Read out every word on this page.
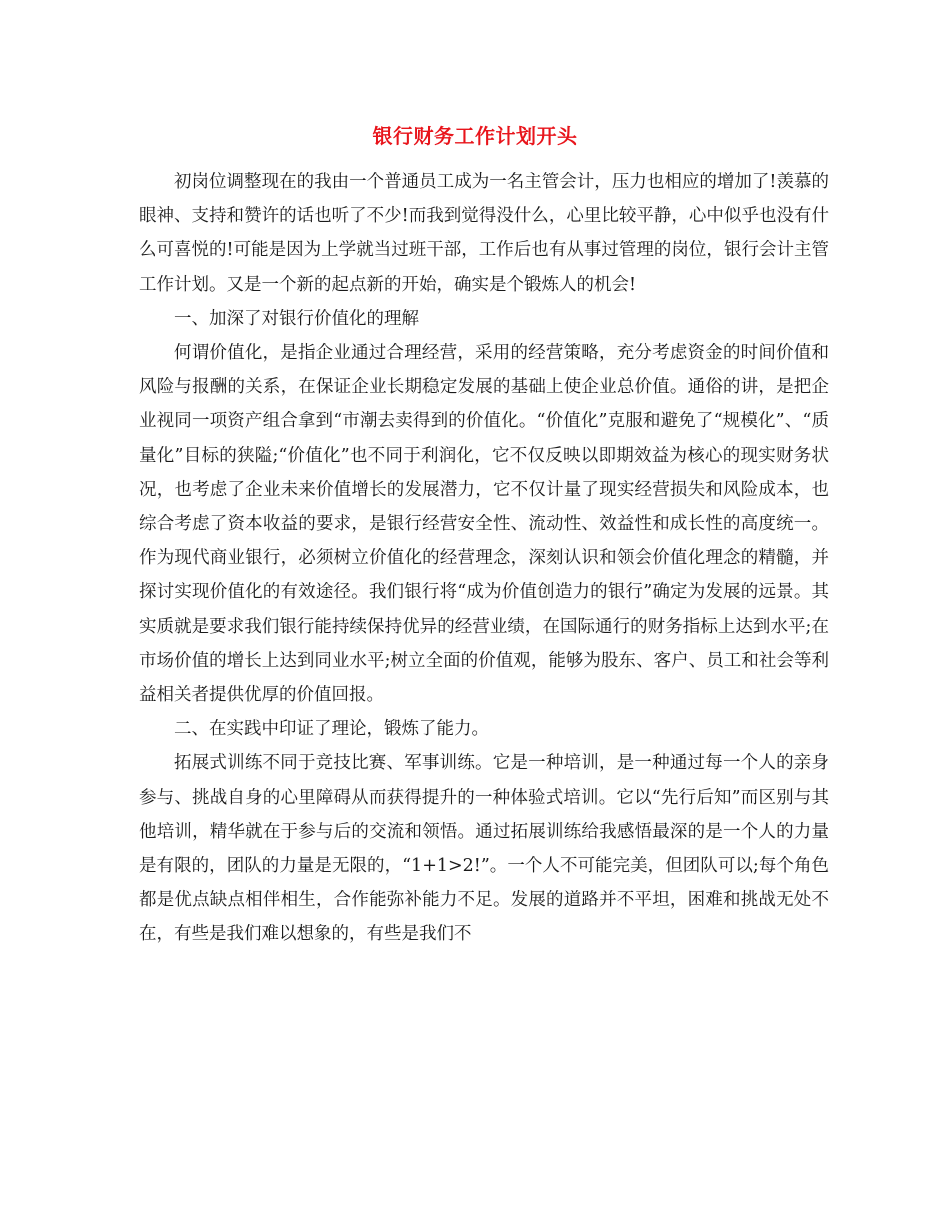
银行财务工作计划开头

初岗位调整现在的我由一个普通员工成为一名主管会计，压力也相应的增加了!羡慕的眼神、支持和赞许的话也听了不少!而我到觉得没什么，心里比较平静，心中似乎也没有什么可喜悦的!可能是因为上学就当过班干部，工作后也有从事过管理的岗位，银行会计主管工作计划。又是一个新的起点新的开始，确实是个锻炼人的机会!

一、加深了对银行价值化的理解

何谓价值化，是指企业通过合理经营，采用的经营策略，充分考虑资金的时间价值和风险与报酬的关系，在保证企业长期稳定发展的基础上使企业总价值。通俗的讲，是把企业视同一项资产组合拿到“市潮去卖得到的价值化。“价值化”克服和避免了“规模化”、“质量化”目标的狭隘;“价值化”也不同于利润化，它不仅反映以即期效益为核心的现实财务状况，也考虑了企业未来价值增长的发展潜力，它不仅计量了现实经营损失和风险成本，也综合考虑了资本收益的要求，是银行经营安全性、流动性、效益性和成长性的高度统一。作为现代商业银行，必须树立价值化的经营理念，深刻认识和领会价值化理念的精髓，并探讨实现价值化的有效途径。我们银行将“成为价值创造力的银行”确定为发展的远景。其实质就是要求我们银行能持续保持优异的经营业绩，在国际通行的财务指标上达到水平;在市场价值的增长上达到同业水平;树立全面的价值观，能够为股东、客户、员工和社会等利益相关者提供优厚的价值回报。

二、在实践中印证了理论，锻炼了能力。

拓展式训练不同于竞技比赛、军事训练。它是一种培训，是一种通过每一个人的亲身参与、挑战自身的心里障碍从而获得提升的一种体验式培训。它以“先行后知”而区别与其他培训，精华就在于参与后的交流和领悟。通过拓展训练给我感悟最深的是一个人的力量是有限的，团队的力量是无限的，“1+1>2!”。一个人不可能完美，但团队可以;每个角色都是优点缺点相伴相生，合作能弥补能力不足。发展的道路并不平坦，困难和挑战无处不在，有些是我们难以想象的，有些是我们不
